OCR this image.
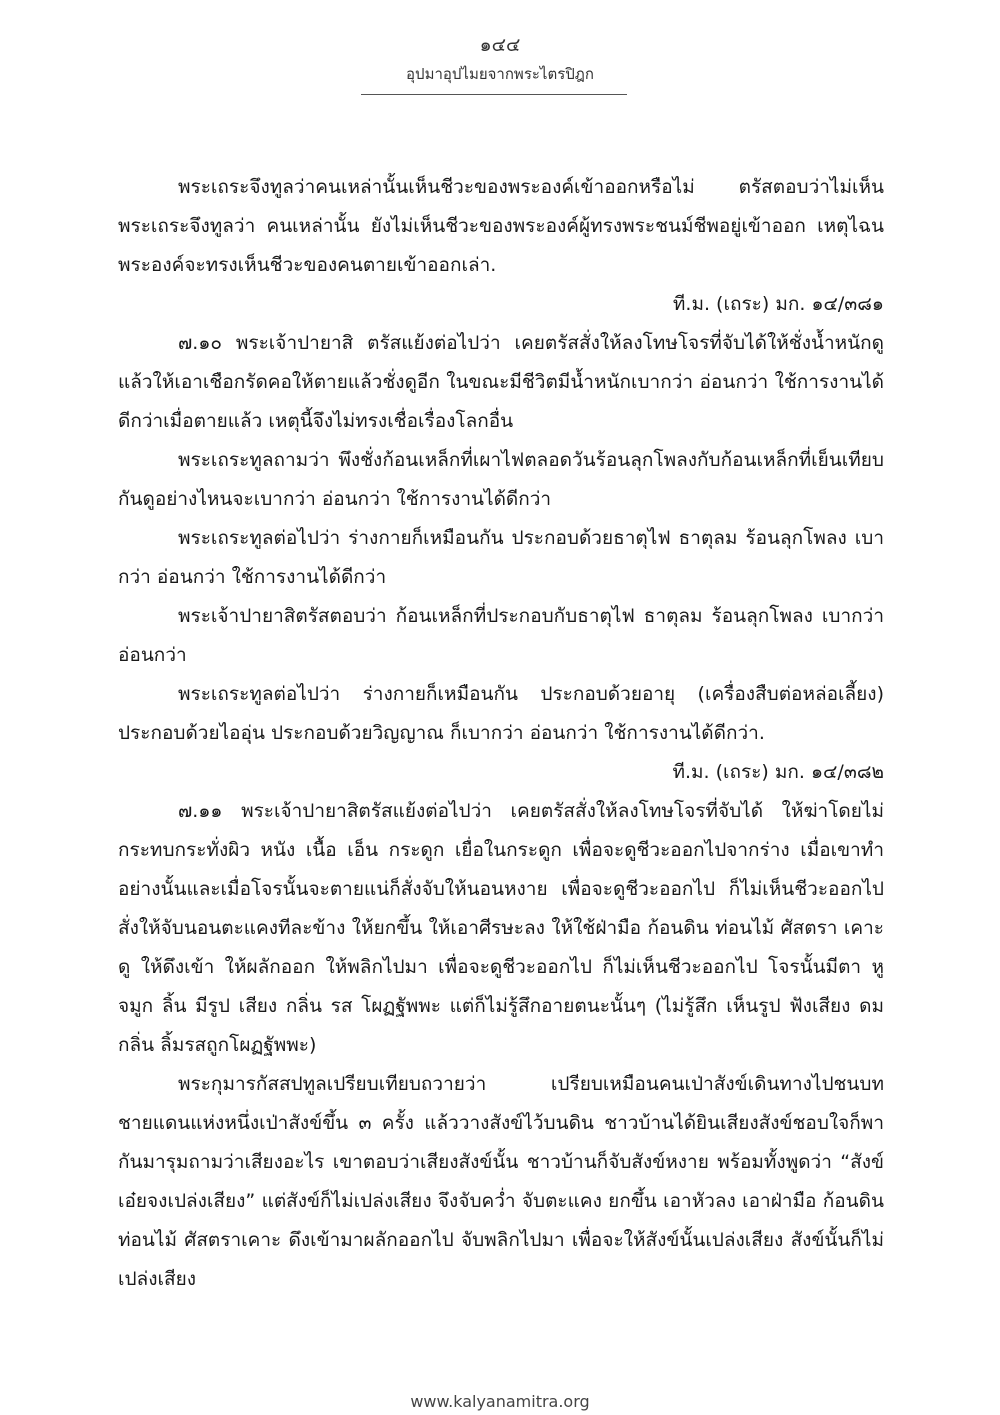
๑๔๔
อุปมาอุปไมยจากพระไตรปิฎก

พระเถระจึงทูลว่าคนเหล่านั้นเห็นชีวะของพระองค์เข้าออกหรือไม่ ตรัสตอบว่าไม่เห็น พระเถระจึงทูลว่า คนเหล่านั้น ยังไม่เห็นชีวะของพระองค์ผู้ทรงพระชนม์ชีพอยู่เข้าออก เหตุไฉนพระองค์จะทรงเห็นชีวะของคนตายเข้าออกเล่า.

ที.ม. (เถระ) มก. ๑๔/๓๘๑

๗.๑๐ พระเจ้าปายาสิ ตรัสแย้งต่อไปว่า เคยตรัสสั่งให้ลงโทษโจรที่จับได้ให้ชั่งน้ำหนักดูแล้วให้เอาเชือกรัดคอให้ตายแล้วชั่งดูอีก ในขณะมีชีวิตมีน้ำหนักเบากว่า อ่อนกว่า ใช้การงานได้ดีกว่าเมื่อตายแล้ว เหตุนี้จึงไม่ทรงเชื่อเรื่องโลกอื่น

พระเถระทูลถามว่า พึงชั่งก้อนเหล็กที่เผาไฟตลอดวันร้อนลุกโพลงกับก้อนเหล็กที่เย็นเทียบกันดูอย่างไหนจะเบากว่า อ่อนกว่า ใช้การงานได้ดีกว่า

พระเถระทูลต่อไปว่า ร่างกายก็เหมือนกัน ประกอบด้วยธาตุไฟ ธาตุลม ร้อนลุกโพลง เบากว่า อ่อนกว่า ใช้การงานได้ดีกว่า

พระเจ้าปายาสิตรัสตอบว่า ก้อนเหล็กที่ประกอบกับธาตุไฟ ธาตุลม ร้อนลุกโพลง เบากว่าอ่อนกว่า

พระเถระทูลต่อไปว่า ร่างกายก็เหมือนกัน ประกอบด้วยอายุ (เครื่องสืบต่อหล่อเลี้ยง) ประกอบด้วยไออุ่น ประกอบด้วยวิญญาณ ก็เบากว่า อ่อนกว่า ใช้การงานได้ดีกว่า.

ที.ม. (เถระ) มก. ๑๔/๓๘๒

๗.๑๑ พระเจ้าปายาสิตรัสแย้งต่อไปว่า เคยตรัสสั่งให้ลงโทษโจรที่จับได้ ให้ฆ่าโดยไม่กระทบกระทั่งผิว หนัง เนื้อ เอ็น กระดูก เยื่อในกระดูก เพื่อจะดูชีวะออกไปจากร่าง เมื่อเขาทำอย่างนั้นและเมื่อโจรนั้นจะตายแน่ก็สั่งจับให้นอนหงาย เพื่อจะดูชีวะออกไป ก็ไม่เห็นชีวะออกไป สั่งให้จับนอนตะแคงทีละข้าง ให้ยกขึ้น ให้เอาศีรษะลง ให้ใช้ฝ่ามือ ก้อนดิน ท่อนไม้ ศัสตรา เคาะดู ให้ดึงเข้า ให้ผลักออก ให้พลิกไปมา เพื่อจะดูชีวะออกไป ก็ไม่เห็นชีวะออกไป โจรนั้นมีตา หู จมูก ลิ้น มีรูป เสียง กลิ่น รส โผฏฐัพพะ แต่ก็ไม่รู้สึกอายตนะนั้นๆ (ไม่รู้สึก เห็นรูป ฟังเสียง ดมกลิ่น ลิ้มรสถูกโผฏฐัพพะ)

พระกุมารกัสสปทูลเปรียบเทียบถวายว่า เปรียบเหมือนคนเป่าสังข์เดินทางไปชนบทชายแดนแห่งหนึ่งเป่าสังข์ขึ้น ๓ ครั้ง แล้ววางสังข์ไว้บนดิน ชาวบ้านได้ยินเสียงสังข์ชอบใจก็พากันมารุมถามว่าเสียงอะไร เขาตอบว่าเสียงสังข์นั้น ชาวบ้านก็จับสังข์หงาย พร้อมทั้งพูดว่า “สังข์เอ๋ยจงเปล่งเสียง” แต่สังข์ก็ไม่เปล่งเสียง จึงจับคว่ำ จับตะแคง ยกขึ้น เอาหัวลง เอาฝ่ามือ ก้อนดินท่อนไม้ ศัสตราเคาะ ดึงเข้ามาผลักออกไป จับพลิกไปมา เพื่อจะให้สังข์นั้นเปล่งเสียง สังข์นั้นก็ไม่เปล่งเสียง

www.kalyanamitra.org
